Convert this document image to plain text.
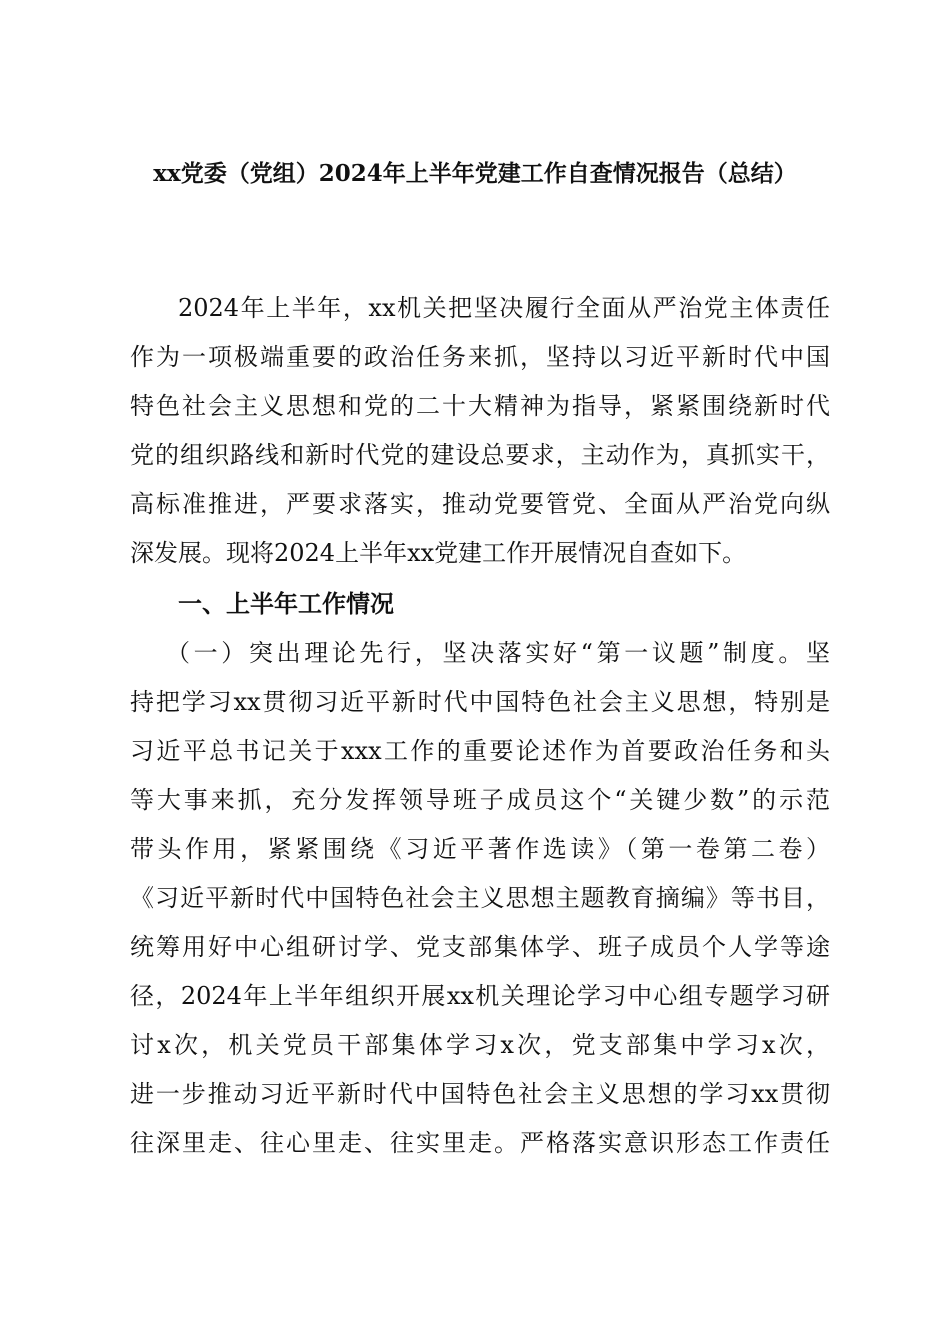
xx党委（党组）2024年上半年党建工作自查情况报告（总结）
2024年上半年，xx机关把坚决履行全面从严治党主体责任
作为一项极端重要的政治任务来抓，坚持以习近平新时代中国
特色社会主义思想和党的二十大精神为指导，紧紧围绕新时代
党的组织路线和新时代党的建设总要求，主动作为，真抓实干，
高标准推进，严要求落实，推动党要管党、全面从严治党向纵
深发展。现将2024上半年xx党建工作开展情况自查如下。
一、上半年工作情况
（一）突出理论先行，坚决落实好“第一议题”制度。坚
持把学习xx贯彻习近平新时代中国特色社会主义思想，特别是
习近平总书记关于xxx工作的重要论述作为首要政治任务和头
等大事来抓，充分发挥领导班子成员这个“关键少数”的示范
带头作用，紧紧围绕《习近平著作选读》（第一卷第二卷）
《习近平新时代中国特色社会主义思想主题教育摘编》等书目，
统筹用好中心组研讨学、党支部集体学、班子成员个人学等途
径，2024年上半年组织开展xx机关理论学习中心组专题学习研
讨x次，机关党员干部集体学习x次，党支部集中学习x次，
进一步推动习近平新时代中国特色社会主义思想的学习xx贯彻
往深里走、往心里走、往实里走。严格落实意识形态工作责任
